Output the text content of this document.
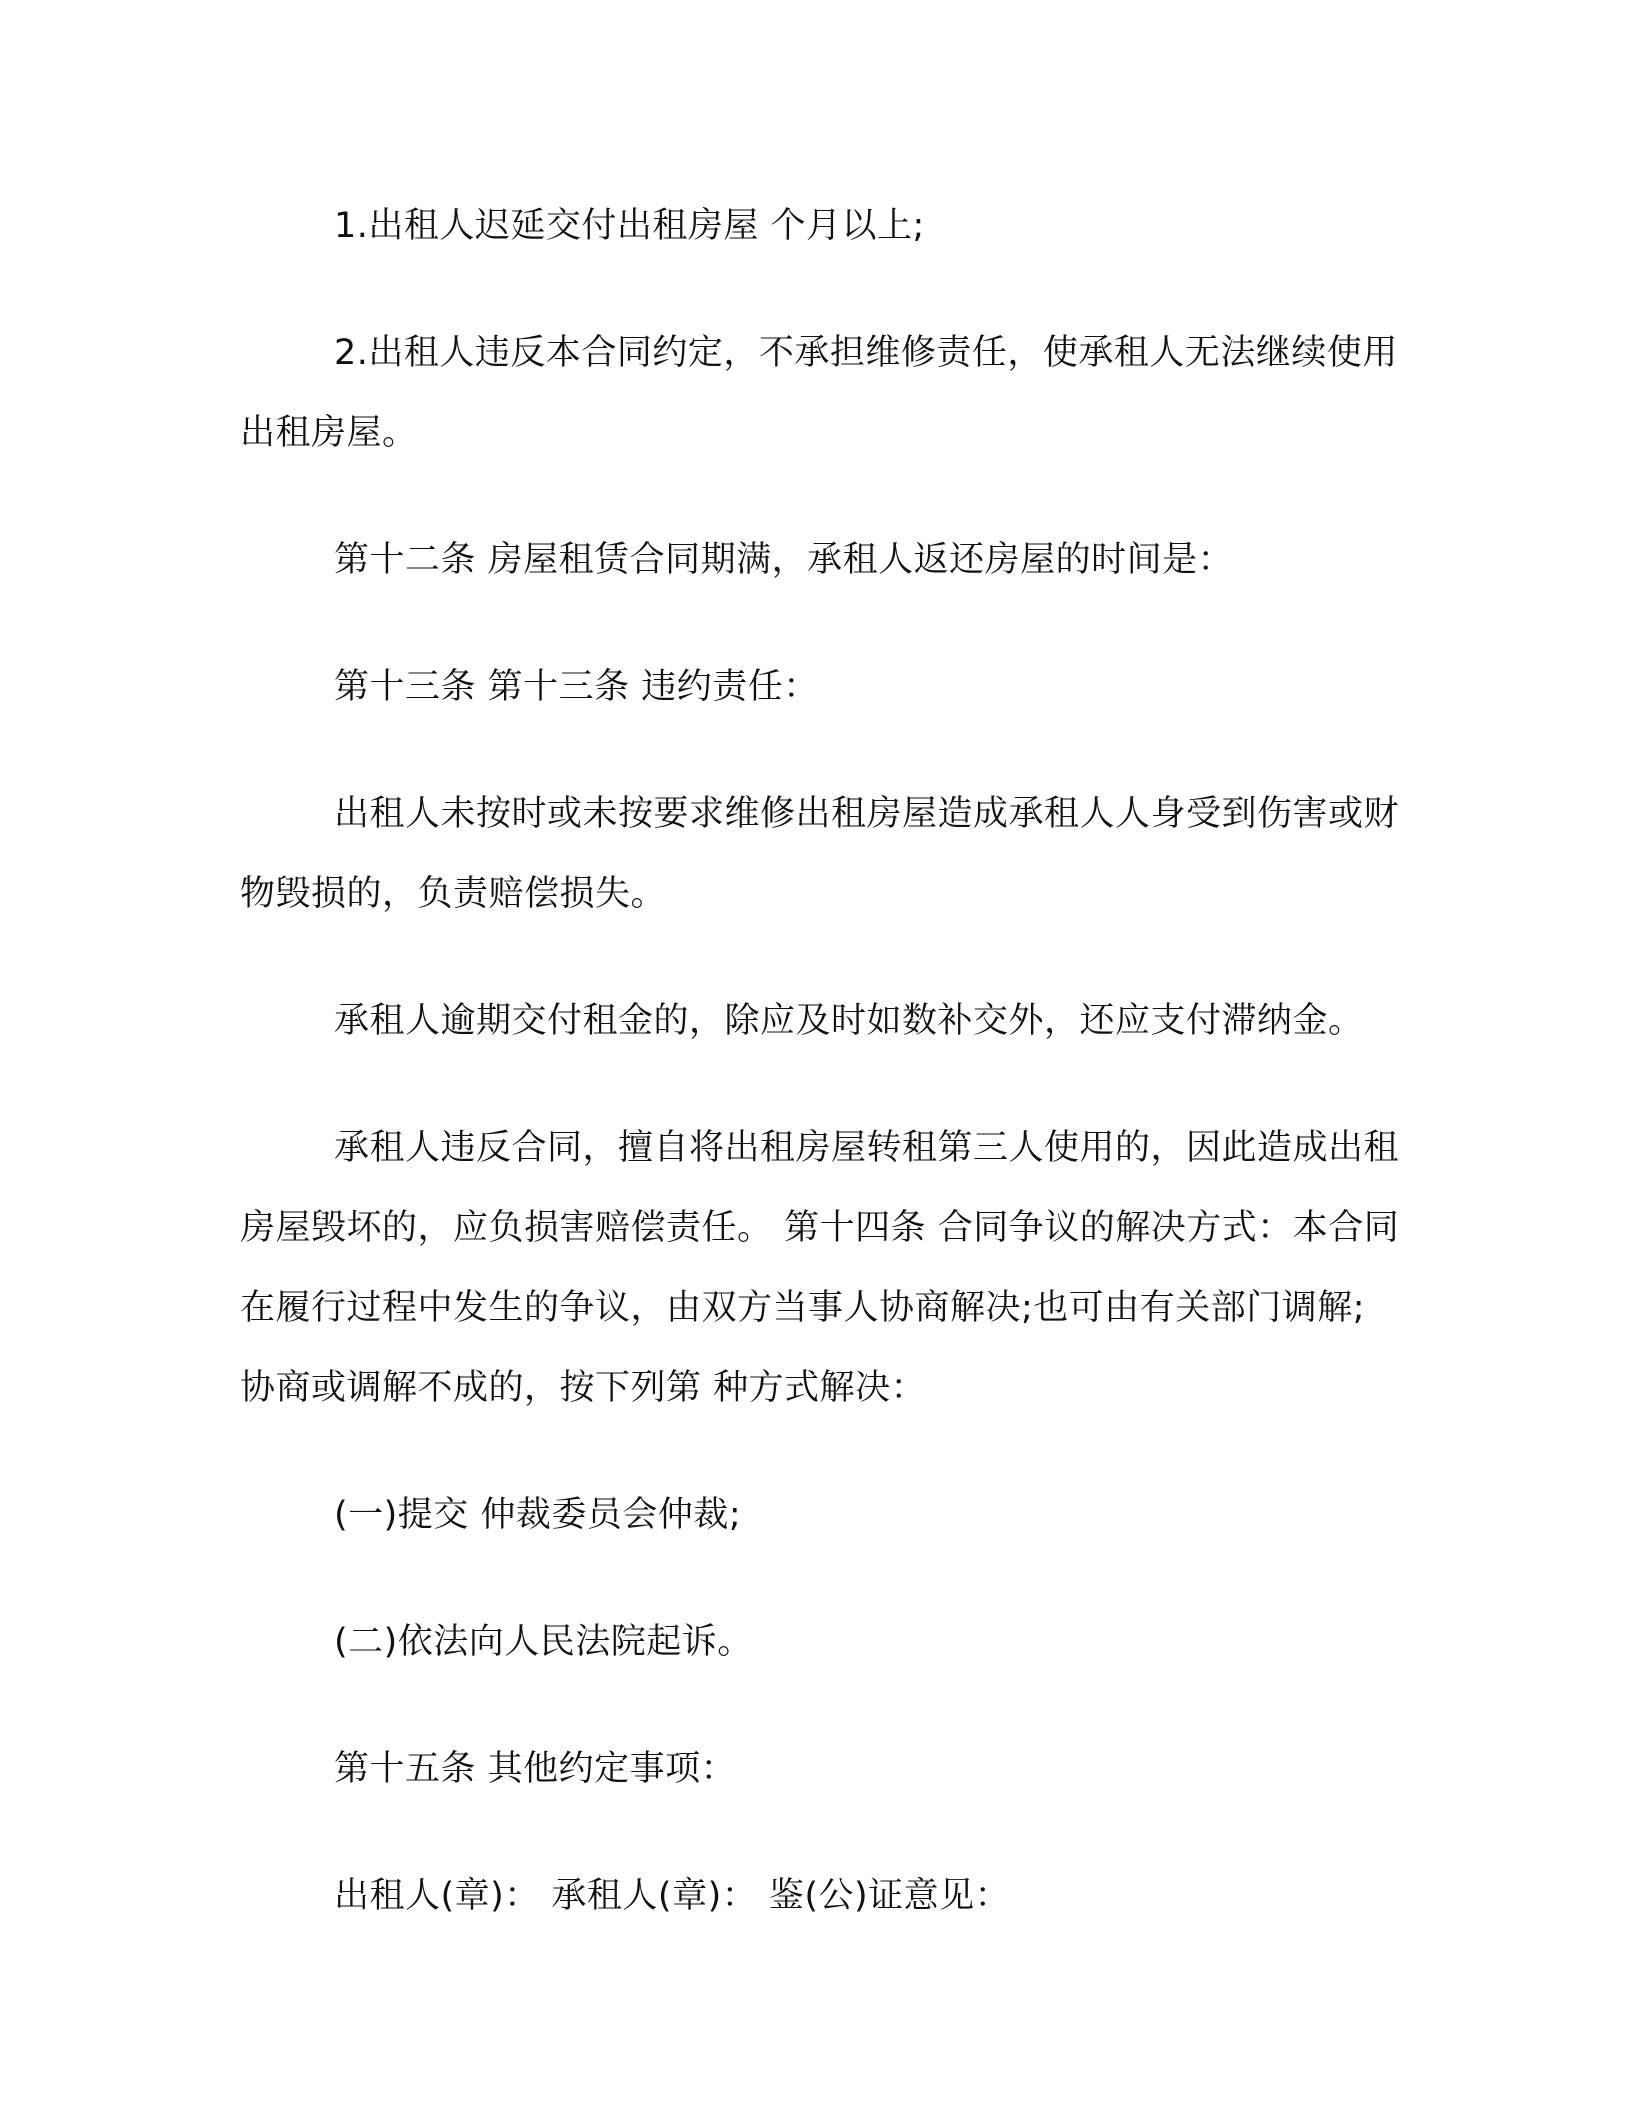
1.出租人迟延交付出租房屋 个月以上;

2.出租人违反本合同约定，不承担维修责任，使承租人无法继续使用出租房屋。

第十二条 房屋租赁合同期满，承租人返还房屋的时间是：

第十三条 第十三条 违约责任：

出租人未按时或未按要求维修出租房屋造成承租人人身受到伤害或财物毁损的，负责赔偿损失。

承租人逾期交付租金的，除应及时如数补交外，还应支付滞纳金。

承租人违反合同，擅自将出租房屋转租第三人使用的，因此造成出租房屋毁坏的，应负损害赔偿责任。 第十四条 合同争议的解决方式：本合同在履行过程中发生的争议，由双方当事人协商解决;也可由有关部门调解;协商或调解不成的，按下列第 种方式解决：

(一)提交 仲裁委员会仲裁;

(二)依法向人民法院起诉。

第十五条 其他约定事项：

出租人(章)： 承租人(章)： 鉴(公)证意见：
